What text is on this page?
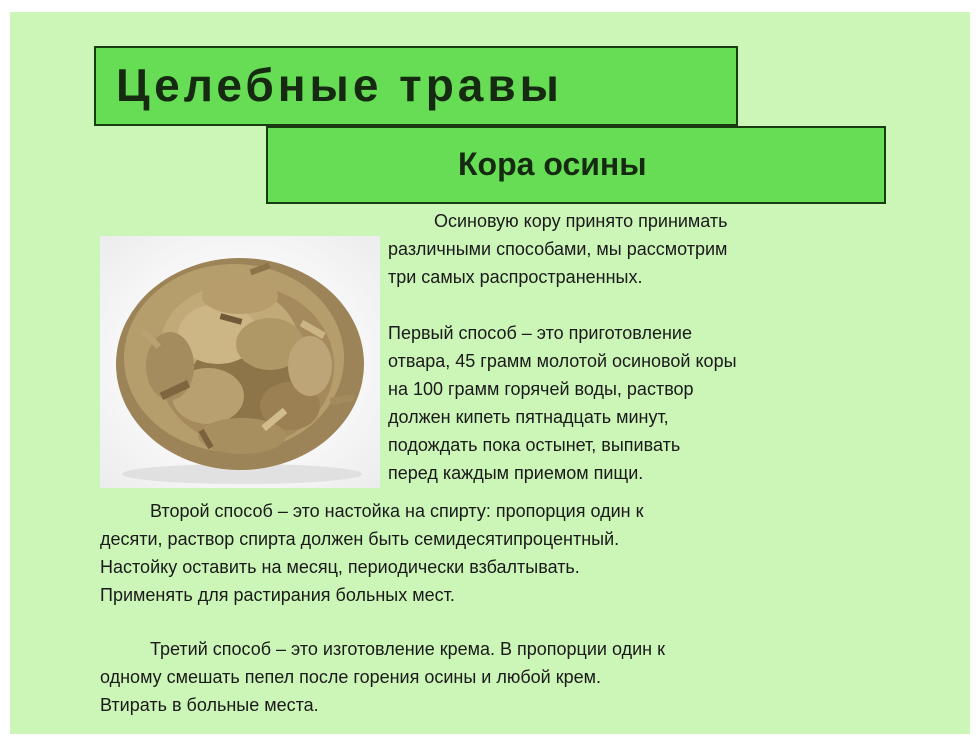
Целебные травы
Кора осины

Осиновую кору принято принимать

различными способами, мы рассмотрим

три самых распространенных.

Первый способ – это приготовление

отвара, 45 грамм молотой осиновой коры

на 100 грамм горячей воды, раствор

должен кипеть пятнадцать минут,

подождать пока остынет, выпивать

перед каждым приемом пищи.

Второй способ – это настойка на спирту: пропорция один к

десяти, раствор спирта должен быть семидесятипроцентный.

Настойку оставить на месяц, периодически взбалтывать.

Применять для растирания больных мест.

Третий способ – это изготовление крема. В пропорции один к

одному смешать пепел после горения осины и любой крем.

Втирать в больные места.
